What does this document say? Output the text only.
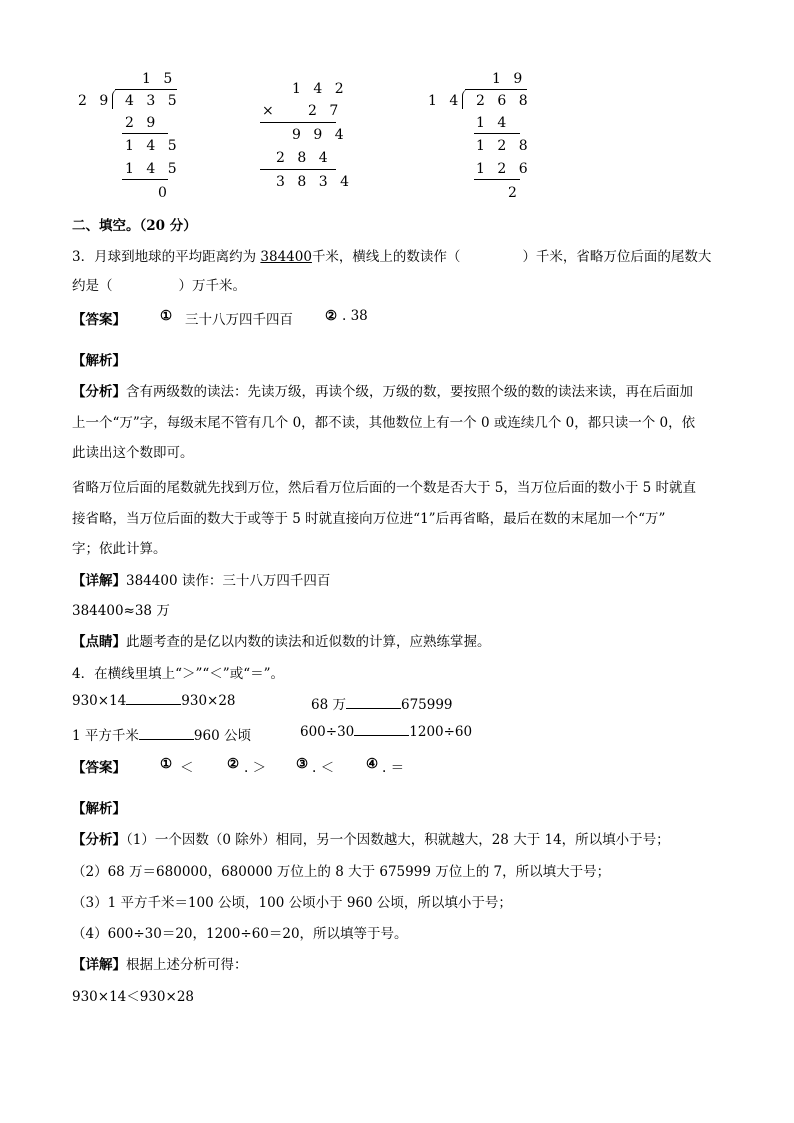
1 5
2 9 4 3 5
2 9
1 4 5
1 4 5
0
1 4 2
× 2 7
9 9 4
2 8 4
3 8 3 4
1 9
1 4 2 6 8
1 4
1 2 8
1 2 6
2
二、填空。（20 分）
3．月球到地球的平均距离约为 384400千米，横线上的数读作（	）千米，省略万位后面的尾数大
约是（	）万千米。
【答案】	① 三十八万四千四百 ② . 38
【解析】
【分析】含有两级数的读法：先读万级，再读个级，万级的数，要按照个级的数的读法来读，再在后面加
上一个“万”字，每级末尾不管有几个 0，都不读，其他数位上有一个 0 或连续几个 0，都只读一个 0，依
此读出这个数即可。
省略万位后面的尾数就先找到万位，然后看万位后面的一个数是否大于 5，当万位后面的数小于 5 时就直
接省略，当万位后面的数大于或等于 5 时就直接向万位进“1”后再省略，最后在数的末尾加一个“万”
字；依此计算。
【详解】384400 读作：三十八万四千四百
384400≈38 万
【点睛】此题考查的是亿以内数的读法和近似数的计算，应熟练掌握。
4．在横线里填上“＞”“＜”或“＝”。
930×14	930×28	68 万	675999
1 平方千米	960 公顷	600÷30	1200÷60
【答案】	① ＜ ② . ＞ ③ . ＜ ④ . ＝
【解析】
【分析】（1）一个因数（0 除外）相同，另一个因数越大，积就越大，28 大于 14，所以填小于号；
（2）68 万＝680000，680000 万位上的 8 大于 675999 万位上的 7，所以填大于号；
（3）1 平方千米＝100 公顷，100 公顷小于 960 公顷，所以填小于号；
（4）600÷30＝20，1200÷60＝20，所以填等于号。
【详解】根据上述分析可得：
930×14＜930×28
